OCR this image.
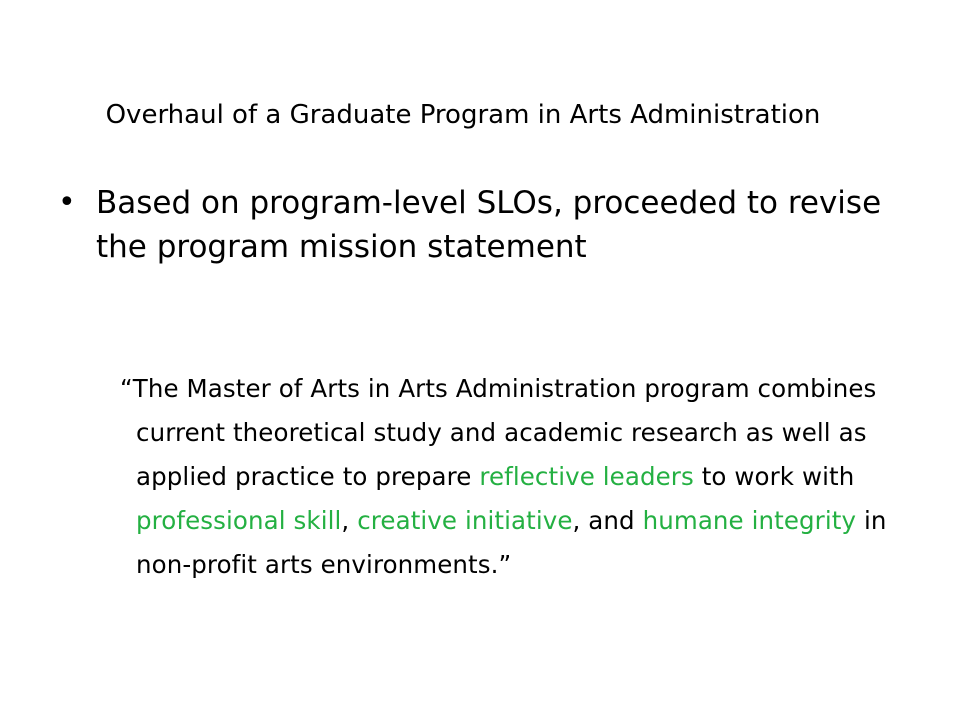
Overhaul of a Graduate Program in Arts Administration
• Based on program-level SLOs, proceeded to revise the program mission statement

“The Master of Arts in Arts Administration program combines current theoretical study and academic research as well as applied practice to prepare reflective leaders to work with professional skill, creative initiative, and humane integrity in non-profit arts environments.”
